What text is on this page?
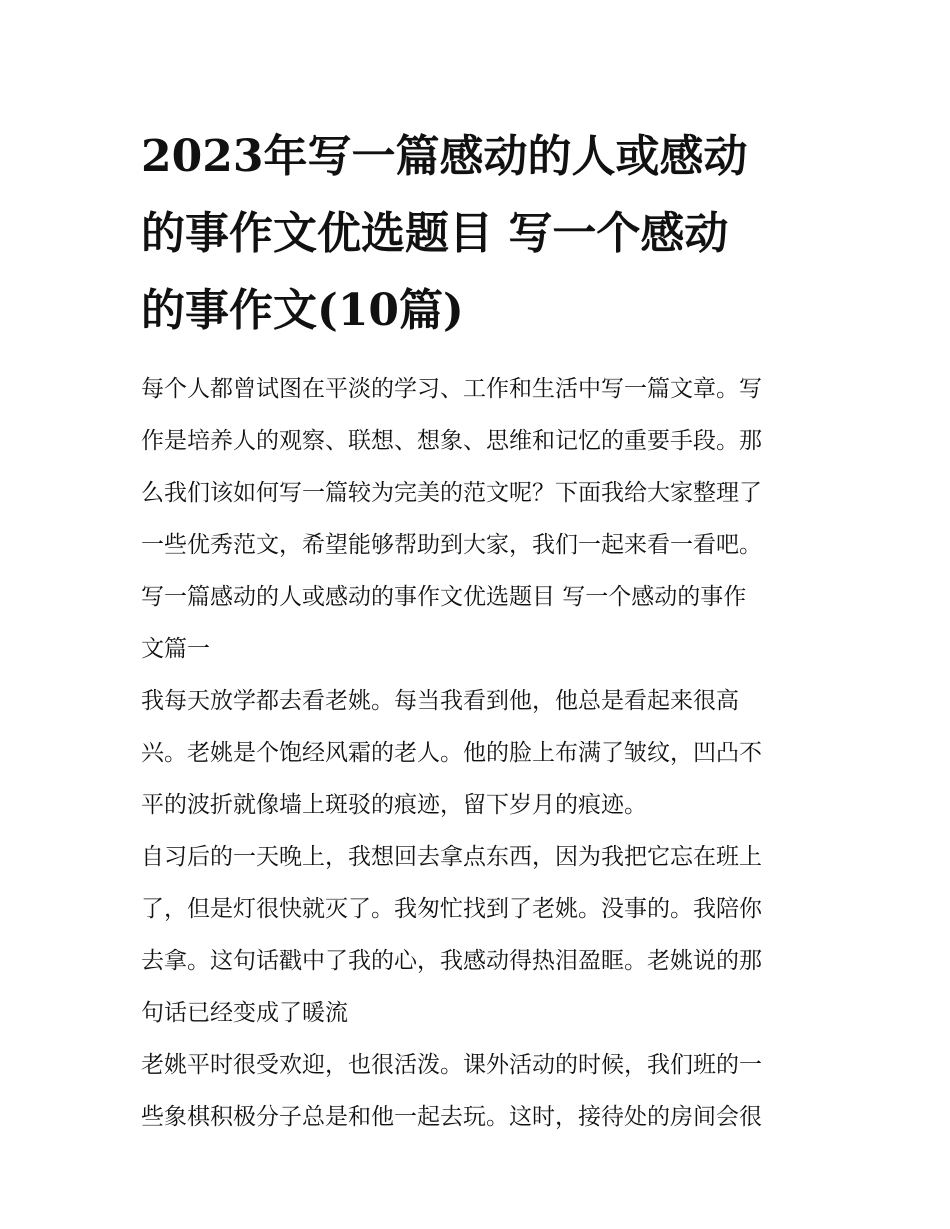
2023年写一篇感动的人或感动
的事作文优选题目 写一个感动
的事作文(10篇)
每个人都曾试图在平淡的学习、工作和生活中写一篇文章。写
作是培养人的观察、联想、想象、思维和记忆的重要手段。那
么我们该如何写一篇较为完美的范文呢？下面我给大家整理了
一些优秀范文，希望能够帮助到大家，我们一起来看一看吧。
写一篇感动的人或感动的事作文优选题目 写一个感动的事作
文篇一
我每天放学都去看老姚。每当我看到他，他总是看起来很高
兴。老姚是个饱经风霜的老人。他的脸上布满了皱纹，凹凸不
平的波折就像墙上斑驳的痕迹，留下岁月的痕迹。
自习后的一天晚上，我想回去拿点东西，因为我把它忘在班上
了，但是灯很快就灭了。我匆忙找到了老姚。没事的。我陪你
去拿。这句话戳中了我的心，我感动得热泪盈眶。老姚说的那
句话已经变成了暖流
老姚平时很受欢迎，也很活泼。课外活动的时候，我们班的一
些象棋积极分子总是和他一起去玩。这时，接待处的房间会很
